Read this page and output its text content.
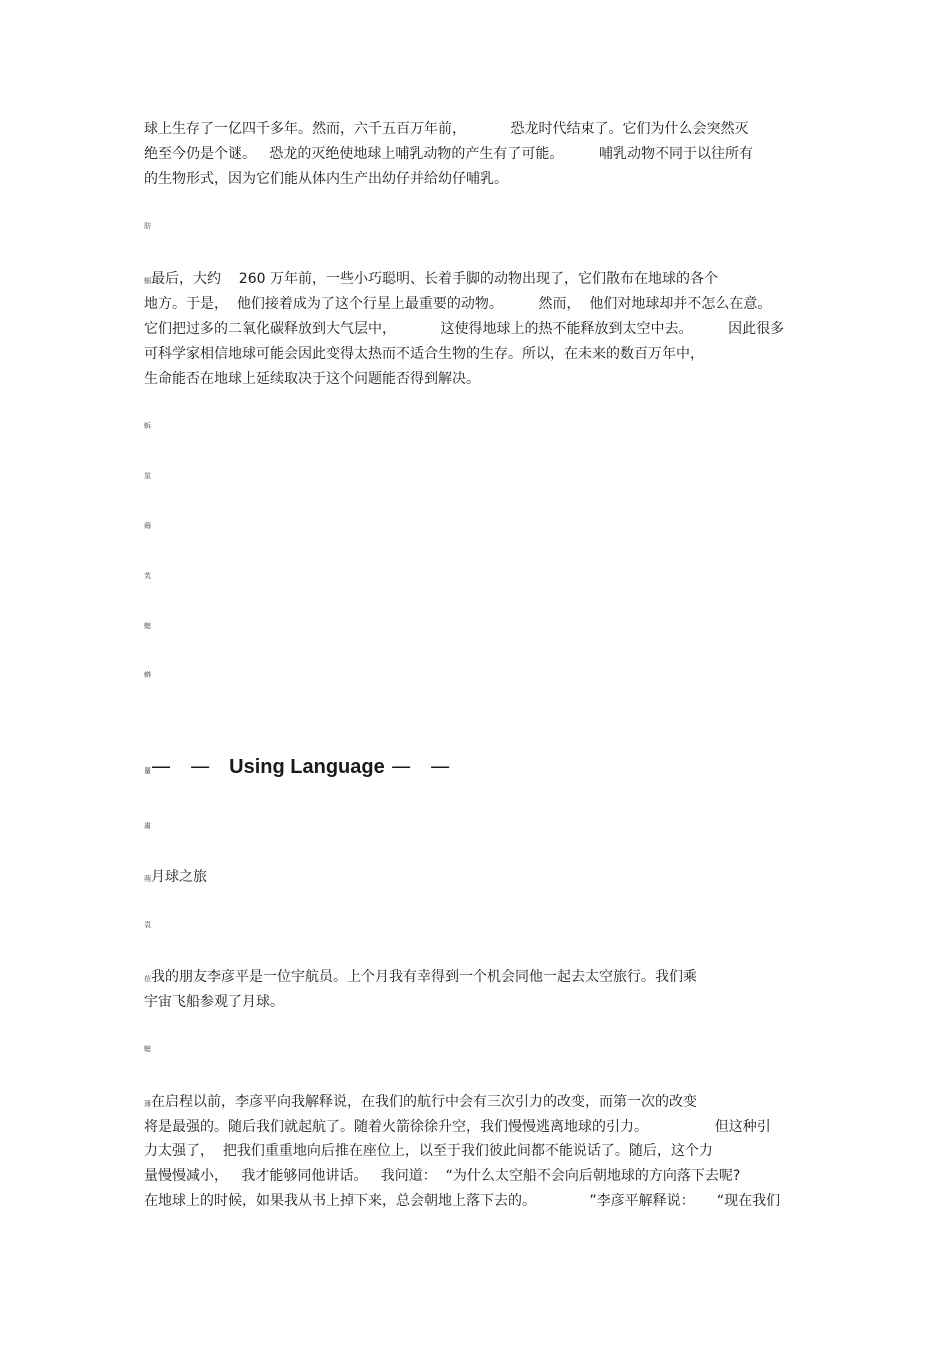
球上生存了一亿四千多年。然而，六千五百万年前，          恐龙时代结束了。它们为什么会突然灭
绝至今仍是个谜。   恐龙的灭绝使地球上哺乳动物的产生有了可能。        哺乳动物不同于以往所有
的生物形式，因为它们能从体内生产出幼仔并给幼仔哺乳。
肪
蝈最后，大约    260 万年前，一些小巧聪明、长着手脚的动物出现了，它们散布在地球的各个
地方。于是，  他们接着成为了这个行星上最重要的动物。        然而，  他们对地球却并不怎么在意。
它们把过多的二氧化碳释放到大气层中，          这使得地球上的热不能释放到太空中去。        因此很多
可科学家相信地球可能会因此变得太热而不适合生物的生存。所以，在未来的数百万年中，
生命能否在地球上延续取决于这个问题能否得到解决。
蚸
莁
薅
芄
螅
蟒
罿—   —   Using Language —   —
肅
蒴月球之旅
袁
莅我的朋友李彦平是一位宇航员。上个月我有幸得到一个机会同他一起去太空旅行。我们乘
宇宙飞船参观了月球。
螅
薄在启程以前，李彦平向我解释说，在我们的航行中会有三次引力的改变，而第一次的改变
将是最强的。随后我们就起航了。随着火箭徐徐升空，我们慢慢逃离地球的引力。               但这种引
力太强了，  把我们重重地向后推在座位上，以至于我们彼此间都不能说话了。随后，这个力
量慢慢减小，   我才能够同他讲话。   我问道：  “为什么太空船不会向后朝地球的方向落下去呢?
在地球上的时候，如果我从书上掉下来，总会朝地上落下去的。            ”李彦平解释说：     “现在我们
